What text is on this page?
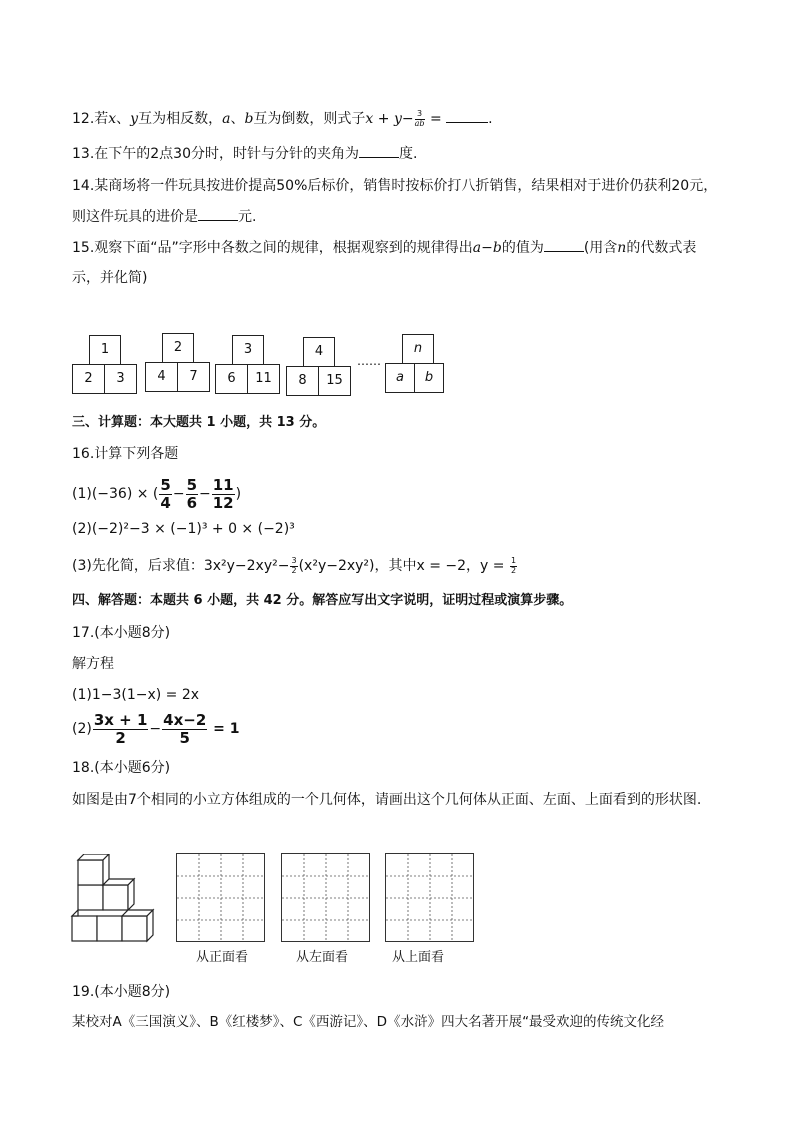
12.若x、y互为相反数，a、b互为倒数，则式子$x + y- \frac{3}{ab}$ =	.
13.在下午的2点30分时，时针与分针的夹角为	度.
14.某商场将一件玩具按进价提高50%后标价，销售时按标价打八折销售，结果相对于进价仍获利20元，
则这件玩具的进价是	元.
15.观察下面“品”字形中各数之间的规律，根据观察到的规律得出a−b的值为	(用含n的代数式表
示，并化简)
1
2	3
2
4	7
3
6	11
4
8	15
……
n
a	b
三、计算题：本大题共 1 小题，共 13 分。
16.计算下列各题
(1)(−36) × ( $\frac{5}{4} - \frac{5}{6} - \frac{11}{12}$ )
(2)(−2)²−3 × (−1)³ + 0 × (−2)³
(3)先化简，后求值：$3x^2y-2xy^2- \frac{3}{2} (x^2y-2xy^2)$，其中x = −2，$y = \frac{1}{2}$
四、解答题：本题共 6 小题，共 42 分。解答应写出文字说明，证明过程或演算步骤。
17.(本小题8分)
解方程
(1)1−3(1−x) = 2x
$(2) \frac{3x + 1}{2} - \frac{4x-2}{5} = 1$
18.(本小题6分)
如图是由7个相同的小立方体组成的一个几何体，请画出这个几何体从正面、左面、上面看到的形状图.
从正面看	从左面看	从上面看
19.(本小题8分)
某校对A《三国演义》、B《红楼梦》、C《西游记》、D《水浒》四大名著开展“最受欢迎的传统文化经
